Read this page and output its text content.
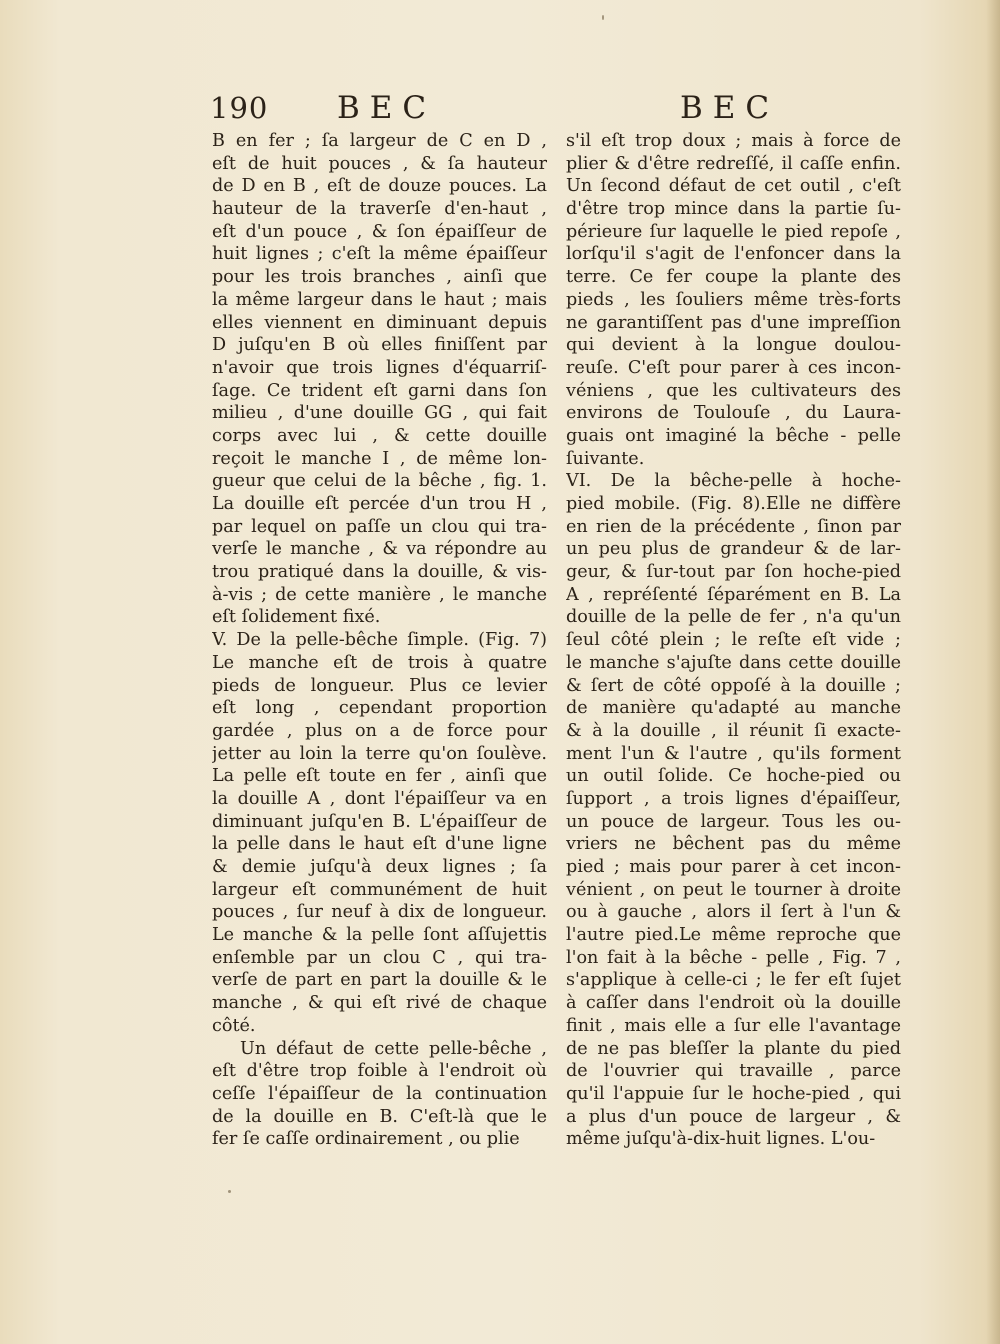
190 BEC	BEC
B en fer ; ſa largeur de C en D ,
eſt de huit pouces , & ſa hauteur
de D en B , eſt de douze pouces. La
hauteur de la traverſe d'en-haut ,
eſt d'un pouce , & ſon épaiſſeur de
huit lignes ; c'eſt la même épaiſſeur
pour les trois branches , ainſi que
la même largeur dans le haut ; mais
elles viennent en diminuant depuis
D juſqu'en B où elles finiſſent par
n'avoir que trois lignes d'équarriſ-
ſage. Ce trident eſt garni dans ſon
milieu , d'une douille GG , qui fait
corps avec lui , & cette douille
reçoit le manche I , de même lon-
gueur que celui de la bêche , fig. 1.
La douille eſt percée d'un trou H ,
par lequel on paſſe un clou qui tra-
verſe le manche , & va répondre au
trou pratiqué dans la douille, & vis-
à-vis ; de cette manière , le manche
eſt ſolidement fixé.
V. De la pelle-bêche ſimple. (Fig. 7)
Le manche eſt de trois à quatre
pieds de longueur. Plus ce levier
eſt long , cependant proportion
gardée , plus on a de force pour
jetter au loin la terre qu'on ſoulève.
La pelle eſt toute en fer , ainſi que
la douille A , dont l'épaiſſeur va en
diminuant juſqu'en B. L'épaiſſeur de
la pelle dans le haut eſt d'une ligne
& demie juſqu'à deux lignes ; ſa
largeur eſt communément de huit
pouces , ſur neuf à dix de longueur.
Le manche & la pelle ſont aſſujettis
enſemble par un clou C , qui tra-
verſe de part en part la douille & le
manche , & qui eſt rivé de chaque
côté.
Un défaut de cette pelle-bêche ,
eſt d'être trop foible à l'endroit où
ceſſe l'épaiſſeur de la continuation
de la douille en B. C'eſt-là que le
fer ſe caſſe ordinairement , ou plie
s'il eſt trop doux ; mais à force de
plier & d'être redreſſé, il caſſe enfin.
Un ſecond défaut de cet outil , c'eſt
d'être trop mince dans la partie ſu-
périeure ſur laquelle le pied repoſe ,
lorſqu'il s'agit de l'enfoncer dans la
terre. Ce fer coupe la plante des
pieds , les ſouliers même très-forts
ne garantiſſent pas d'une impreſſion
qui devient à la longue doulou-
reuſe. C'eſt pour parer à ces incon-
véniens , que les cultivateurs des
environs de Toulouſe , du Laura-
guais ont imaginé la bêche - pelle
ſuivante.
VI. De la bêche-pelle à hoche-
pied mobile. (Fig. 8).Elle ne diffère
en rien de la précédente , ſinon par
un peu plus de grandeur & de lar-
geur, & ſur-tout par ſon hoche-pied
A , repréſenté ſéparément en B. La
douille de la pelle de fer , n'a qu'un
ſeul côté plein ; le reſte eſt vide ;
le manche s'ajuſte dans cette douille
& ſert de côté oppoſé à la douille ;
de manière qu'adapté au manche
& à la douille , il réunit ſi exacte-
ment l'un & l'autre , qu'ils forment
un outil ſolide. Ce hoche-pied ou
ſupport , a trois lignes d'épaiſſeur,
un pouce de largeur. Tous les ou-
vriers ne bêchent pas du même
pied ; mais pour parer à cet incon-
vénient , on peut le tourner à droite
ou à gauche , alors il ſert à l'un &
l'autre pied.Le même reproche que
l'on fait à la bêche - pelle , Fig. 7 ,
s'applique à celle-ci ; le fer eſt ſujet
à caſſer dans l'endroit où la douille
finit , mais elle a ſur elle l'avantage
de ne pas bleſſer la plante du pied
de l'ouvrier qui travaille , parce
qu'il l'appuie ſur le hoche-pied , qui
a plus d'un pouce de largeur , &
même juſqu'à-dix-huit lignes. L'ou-
